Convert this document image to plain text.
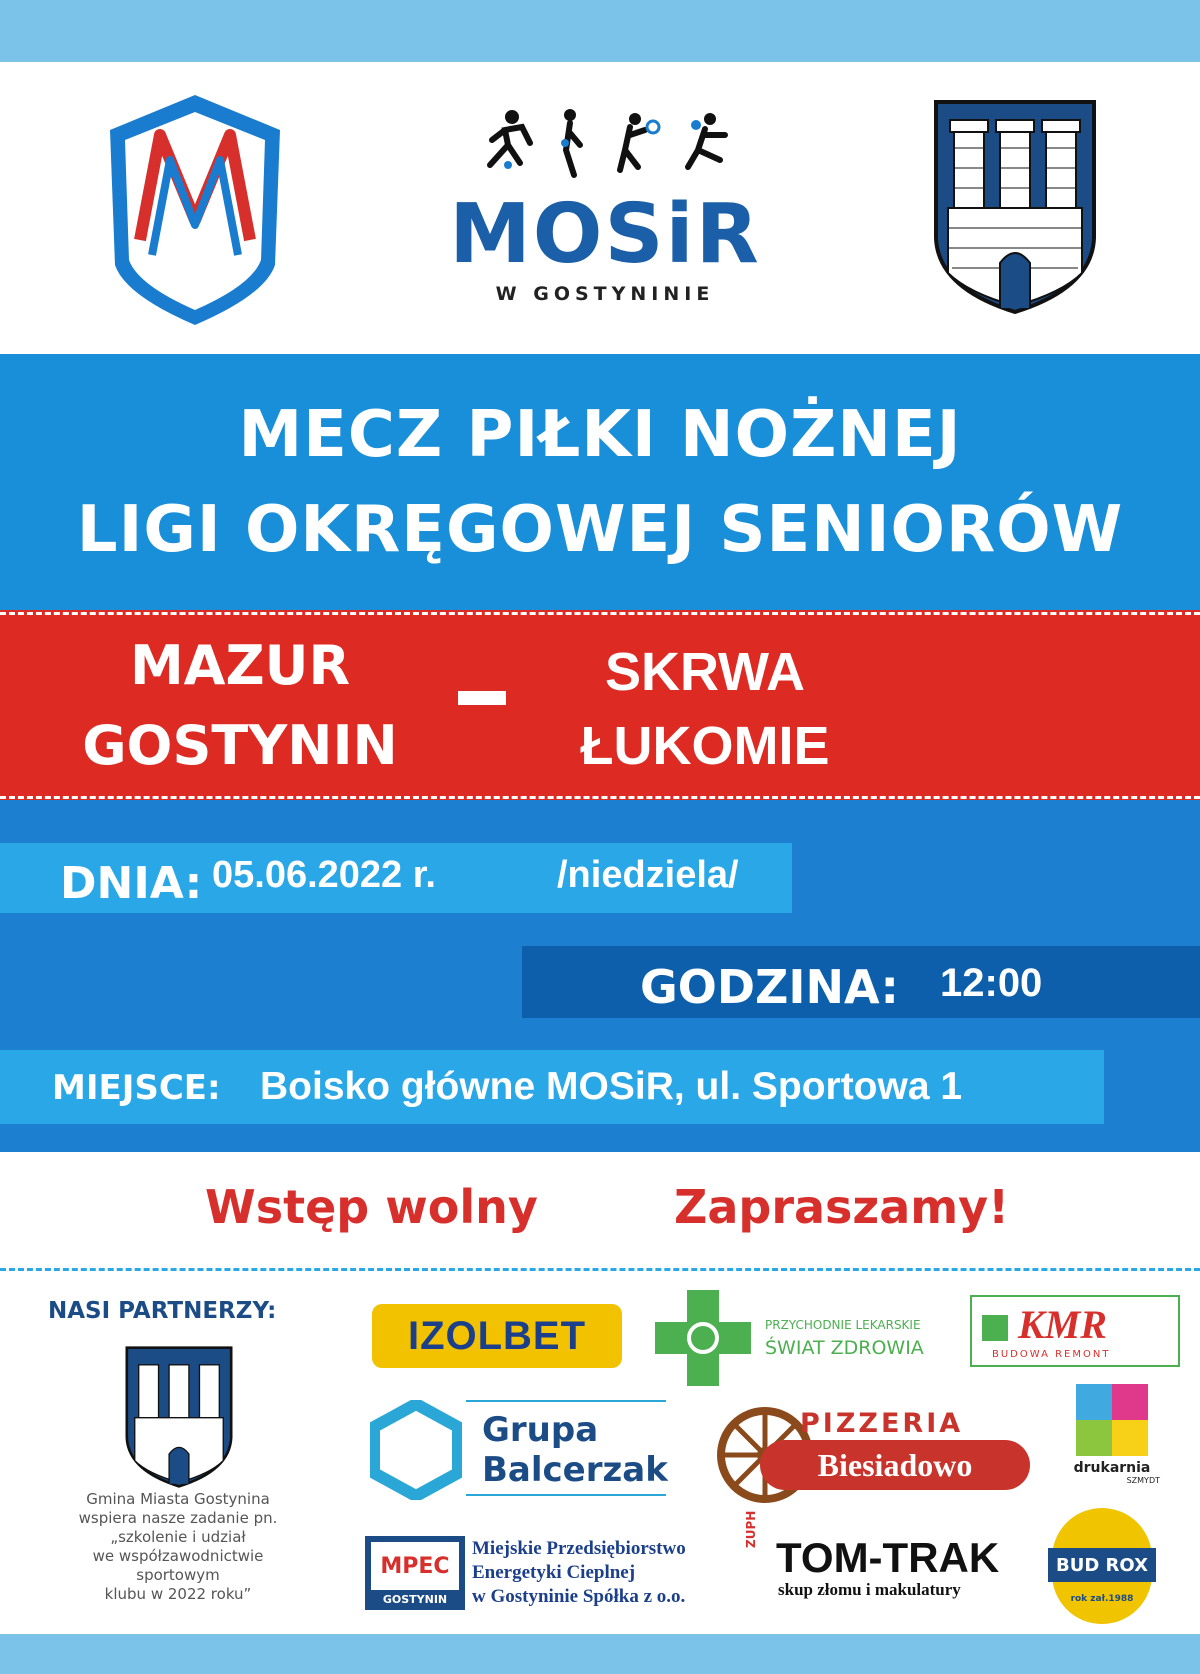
MOSiR
W GOSTYNINIE
MECZ PIŁKI NOŻNEJ
LIGI OKRĘGOWEJ SENIORÓW
MAZUR
GOSTYNIN
SKRWA
ŁUKOMIE
DNIA: 05.06.2022 r.	/niedziela/
GODZINA: 12:00
MIEJSCE: Boisko główne MOSiR, ul. Sportowa 1
Wstęp wolny	Zapraszamy!
NASI PARTNERZY:
Gmina Miasta Gostynina
wspiera nasze zadanie pn.
„szkolenie i udział
we współzawodnictwie
sportowym
klubu w 2022 roku”
IZOLBET	PRZYCHODNIE LEKARSKIE
ŚWIAT ZDROWIA
KMR
BUDOWA REMONT
Grupa
Balcerzak
PIZZERIA
Biesiadowo	drukarnia
SZMYDT
MPEC
GOSTYNIN
Miejskie Przedsiębiorstwo
Energetyki Cieplnej
w Gostyninie Spółka z o.o.
ZUPH
TOM-TRAK
skup złomu i makulatury
BUD ROX
rok zał.1988
